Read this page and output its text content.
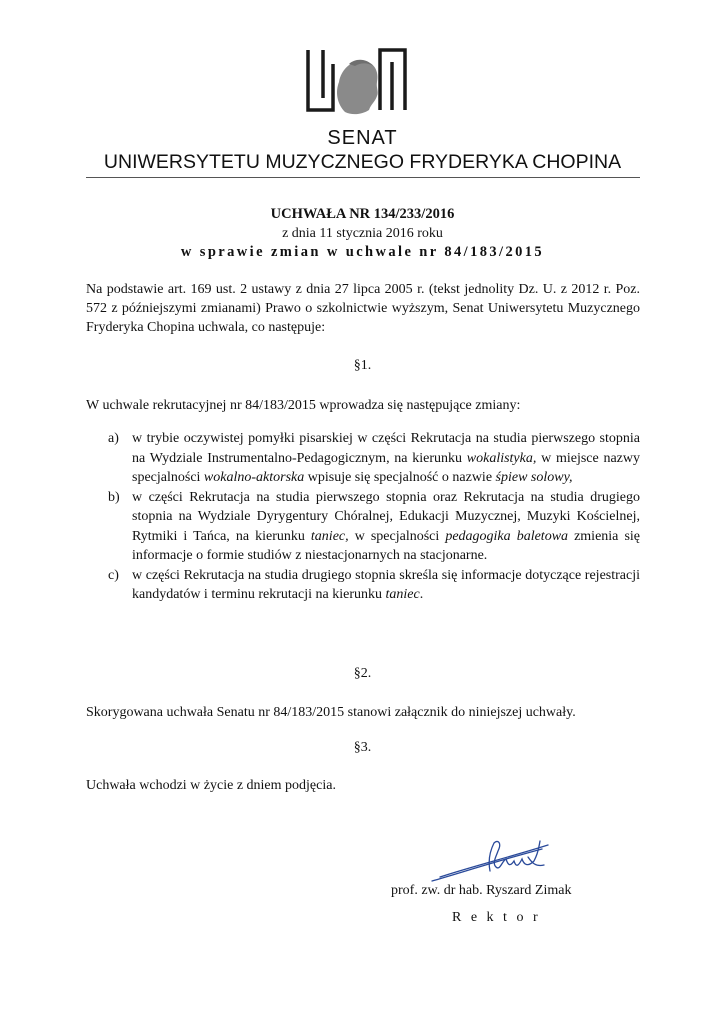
SENAT
UNIWERSYTETU MUZYCZNEGO FRYDERYKA CHOPINA
UCHWAŁA NR 134/233/2016
z dnia 11 stycznia 2016 roku
w sprawie zmian w uchwale nr 84/183/2015
Na podstawie art. 169 ust. 2 ustawy z dnia 27 lipca 2005 r. (tekst jednolity Dz. U. z 2012 r. Poz. 572 z późniejszymi zmianami) Prawo o szkolnictwie wyższym, Senat Uniwersytetu Muzycznego Fryderyka Chopina uchwala, co następuje:
§1.
W uchwale rekrutacyjnej nr 84/183/2015 wprowadza się następujące zmiany:
a) w trybie oczywistej pomyłki pisarskiej w części Rekrutacja na studia pierwszego stopnia na Wydziale Instrumentalno-Pedagogicznym, na kierunku wokalistyka, w miejsce nazwy specjalności wokalno-aktorska wpisuje się specjalność o nazwie śpiew solowy,
b) w części Rekrutacja na studia pierwszego stopnia oraz Rekrutacja na studia drugiego stopnia na Wydziale Dyrygentury Chóralnej, Edukacji Muzycznej, Muzyki Kościelnej, Rytmiki i Tańca, na kierunku taniec, w specjalności pedagogika baletowa zmienia się informacje o formie studiów z niestacjonarnych na stacjonarne.
c) w części Rekrutacja na studia drugiego stopnia skreśla się informacje dotyczące rejestracji kandydatów i terminu rekrutacji na kierunku taniec.
§2.
Skorygowana uchwała Senatu nr 84/183/2015 stanowi załącznik do niniejszej uchwały.
§3.
Uchwała wchodzi w życie z dniem podjęcia.
prof. zw. dr hab. Ryszard Zimak
R e k t o r
